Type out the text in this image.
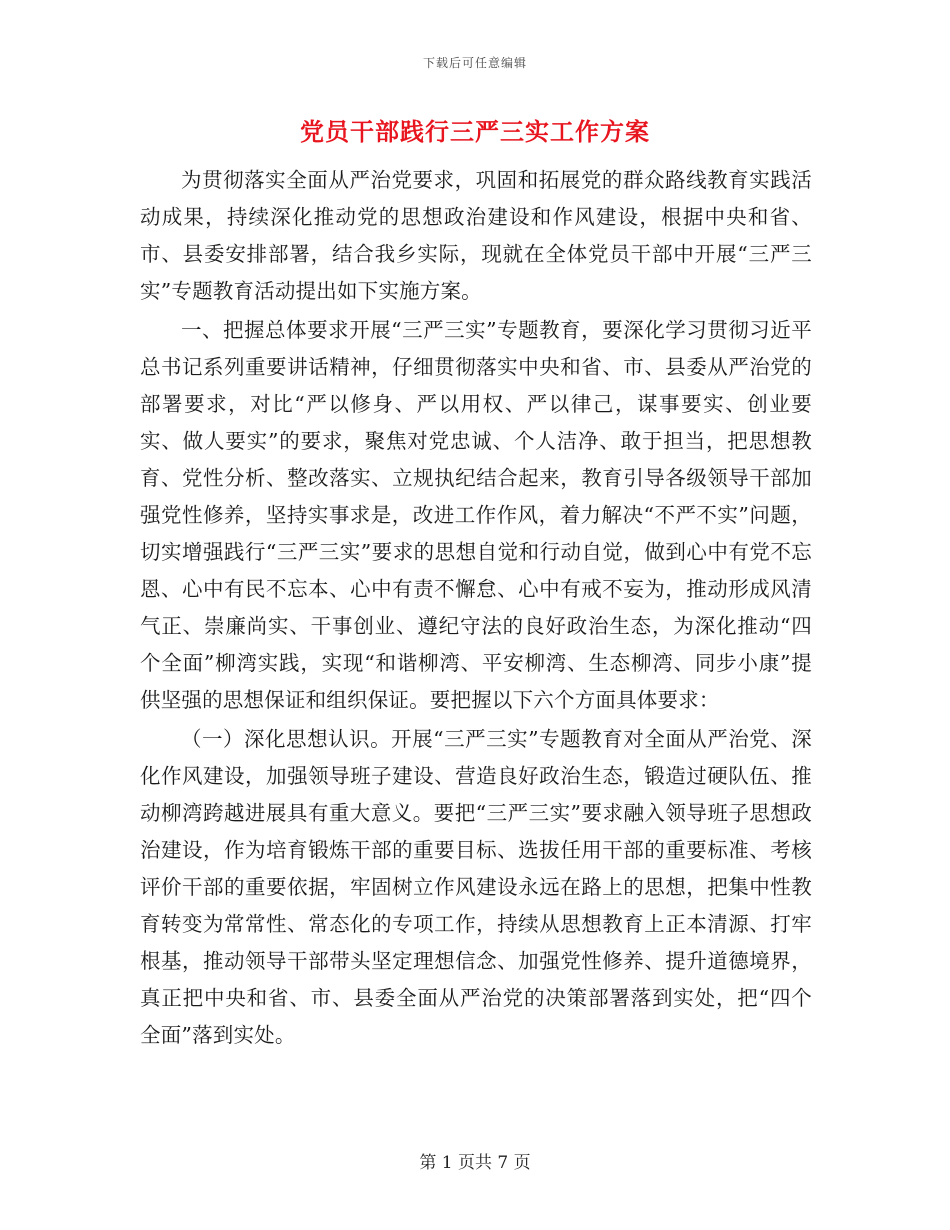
下载后可任意编辑
党员干部践行三严三实工作方案

为贯彻落实全面从严治党要求，巩固和拓展党的群众路线教育实践活动成果，持续深化推动党的思想政治建设和作风建设，根据中央和省、市、县委安排部署，结合我乡实际，现就在全体党员干部中开展“三严三实”专题教育活动提出如下实施方案。

一、把握总体要求开展“三严三实”专题教育，要深化学习贯彻习近平总书记系列重要讲话精神，仔细贯彻落实中央和省、市、县委从严治党的部署要求，对比“严以修身、严以用权、严以律己，谋事要实、创业要实、做人要实”的要求，聚焦对党忠诚、个人洁净、敢于担当，把思想教育、党性分析、整改落实、立规执纪结合起来，教育引导各级领导干部加强党性修养，坚持实事求是，改进工作作风，着力解决“不严不实”问题，切实增强践行“三严三实”要求的思想自觉和行动自觉，做到心中有党不忘恩、心中有民不忘本、心中有责不懈怠、心中有戒不妄为，推动形成风清气正、崇廉尚实、干事创业、遵纪守法的良好政治生态，为深化推动“四个全面”柳湾实践，实现“和谐柳湾、平安柳湾、生态柳湾、同步小康”提供坚强的思想保证和组织保证。要把握以下六个方面具体要求：

（一）深化思想认识。开展“三严三实”专题教育对全面从严治党、深化作风建设，加强领导班子建设、营造良好政治生态，锻造过硬队伍、推动柳湾跨越进展具有重大意义。要把“三严三实”要求融入领导班子思想政治建设，作为培育锻炼干部的重要目标、选拔任用干部的重要标准、考核评价干部的重要依据，牢固树立作风建设永远在路上的思想，把集中性教育转变为常常性、常态化的专项工作，持续从思想教育上正本清源、打牢根基，推动领导干部带头坚定理想信念、加强党性修养、提升道德境界，真正把中央和省、市、县委全面从严治党的决策部署落到实处，把“四个全面”落到实处。

第 1 页共 7 页
